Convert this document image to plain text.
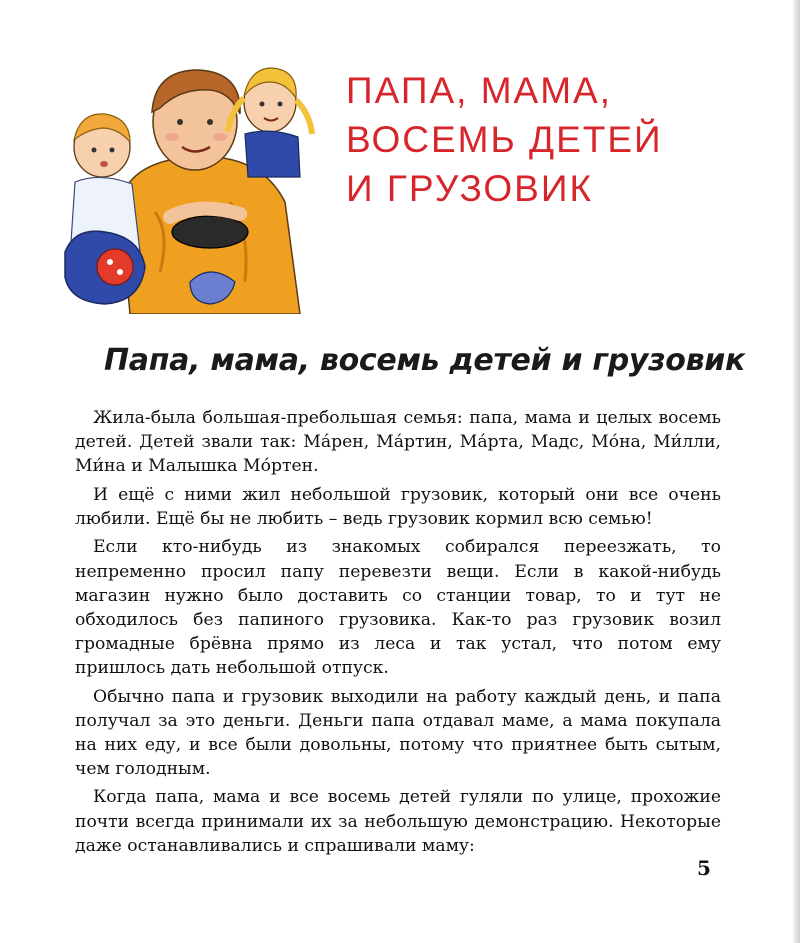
ПАПА, МАМА,
ВОСЕМЬ ДЕТЕЙ
И ГРУЗОВИК
Папа, мама, восемь детей и грузовик

Жила-была большая-пребольшая семья: папа, мама и целых восемь детей. Детей звали так: Ма́рен, Ма́ртин, Ма́рта, Мадс, Мо́на, Ми́лли, Ми́на и Малышка Мо́ртен.

И ещё с ними жил небольшой грузовик, который они все очень любили. Ещё бы не любить – ведь грузовик кормил всю семью!

Если кто-нибудь из знакомых собирался переезжать, то непременно просил папу перевезти вещи. Если в какой-нибудь магазин нужно было доставить со станции товар, то и тут не обходилось без папиного грузовика. Как-то раз грузовик возил громадные брёвна прямо из леса и так устал, что потом ему пришлось дать небольшой отпуск.

Обычно папа и грузовик выходили на работу каждый день, и папа получал за это деньги. Деньги папа отдавал маме, а мама покупала на них еду, и все были довольны, потому что приятнее быть сытым, чем голодным.

Когда папа, мама и все восемь детей гуляли по улице, прохожие почти всегда принимали их за небольшую демонстрацию. Некоторые даже останавливались и спрашивали маму:

5
